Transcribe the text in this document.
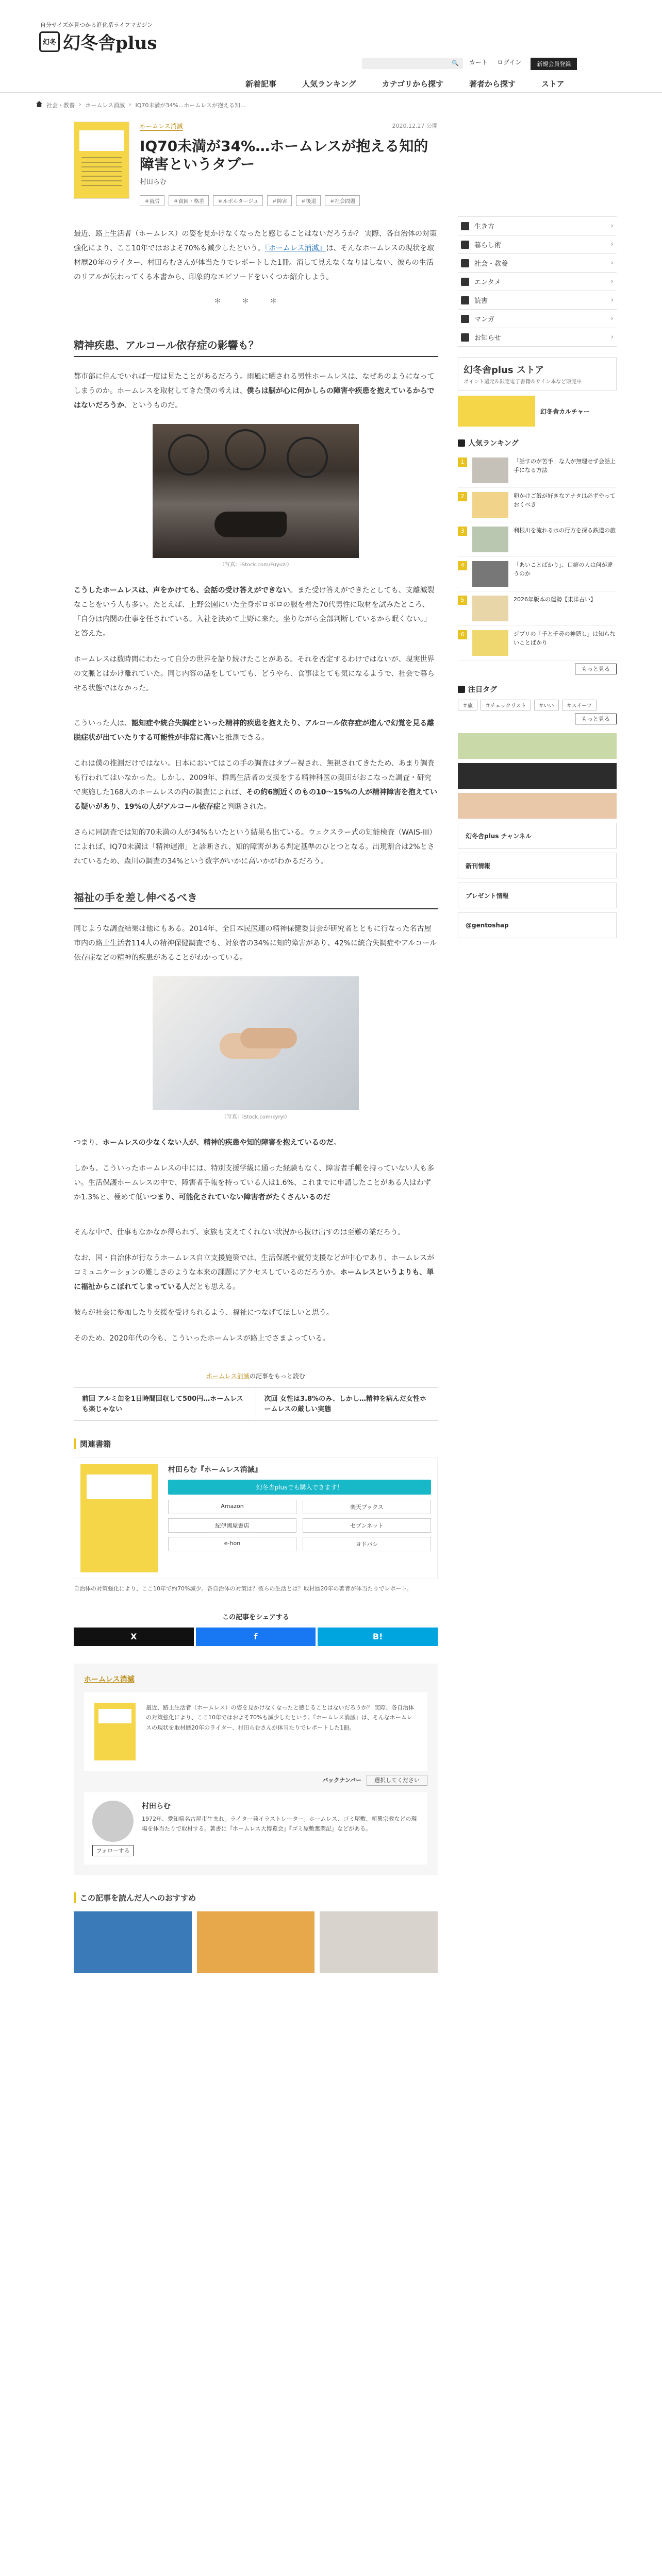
自分サイズが見つかる進化系ライフマガジン
幻冬 幻冬舎plus
🔍 カート ログイン	新規会員登録
新着記事	人気ランキング	カテゴリから探す	著者から探す	ストア
社会・教養 › ホームレス消滅 › IQ70未満が34%...ホームレスが抱える知...
ホームレス消滅
IQ70未満が34%…ホームレスが抱える知的障害というタブー
村田らむ
＃就労	＃貧困・格差	＃ルポルタージュ	＃障害	＃後退	＃社会問題
2020.12.27 公開

最近、路上生活者（ホームレス）の姿を見かけなくなったと感じることはないだろうか？ 実際、各自治体の対策強化により、ここ10年ではおよそ70%も減少したという。『ホームレス消滅』は、そんなホームレスの現状を取材歴20年のライター、村田らむさんが体当たりでレポートした1冊。消して見えなくなりはしない、彼らの生活のリアルが伝わってくる本書から、印象的なエピソードをいくつか紹介しよう。

＊＊＊
精神疾患、アルコール依存症の影響も？

都市部に住んでいれば一度は見たことがあるだろう。雨風に晒される男性ホームレスは、なぜあのようになってしまうのか。ホームレスを取材してきた僕の考えは、僕らは脳が心に何かしらの障害や疾患を抱えているからではないだろうか、というものだ。

（写真：iStock.com/Fuyuzi）

こうしたホームレスは、声をかけても、会話の受け答えができない。また受け答えができたとしても、支離滅裂なことをいう人も多い。たとえば、上野公園にいた全身ボロボロの服を着た70代男性に取材を試みたところ、「自分は内閣の仕事を任されている。入社を決めて上野に来た。坐りながら全部判断しているから眠くない。」と答えた。

ホームレスは数時間にわたって自分の世界を語り続けたことがある。それを否定するわけではないが、現実世界の文脈とはかけ離れていた。同じ内容の話をしていても、どうやら、食事はとても気になるようで、社会で暮らせる状態ではなかった。

こういった人は、認知症や統合失調症といった精神的疾患を抱えたり、アルコール依存症が進んで幻覚を見る離脱症状が出ていたりする可能性が非常に高いと推測できる。

これは僕の推測だけではない。日本においてはこの手の調査はタブー視され、無視されてきたため、あまり調査も行われてはいなかった。しかし、2009年、群馬生活者の支援をする精神科医の奥田がおこなった調査・研究で実施した168人のホームレスの内の調査によれば、その約6割近くのもの10〜15%の人が精神障害を抱えている疑いがあり、19%の人がアルコール依存症と判断された。

さらに同調査では知的70未満の人が34%もいたという結果も出ている。ウェクスラー式の知能検査（WAIS-III）によれば、IQ70未満は「精神遅滞」と診断され、知的障害がある判定基準のひとつとなる。出現割合は2%とされているため、森川の調査の34%という数字がいかに高いかがわかるだろう。

福祉の手を差し伸べるべき

同じような調査結果は他にもある。2014年、全日本民医連の精神保健委員会が研究者とともに行なった名古屋市内の路上生活者114人の精神保健調査でも、対象者の34%に知的障害があり、42%に統合失調症やアルコール依存症などの精神的疾患があることがわかっている。

（写真：iStock.com/kyryl）

つまり、ホームレスの少なくない人が、精神的疾患や知的障害を抱えているのだ。

しかも、こういったホームレスの中には、特別支援学級に通った経験もなく、障害者手帳を持っていない人も多い。生活保護ホームレスの中で、障害者手帳を持っている人は1.6%、これまでに申請したことがある人はわずか1.3%と、極めて低いつまり、可能化されていない障害者がたくさんいるのだ

そんな中で、仕事もなかなか得られず、家族も支えてくれない状況から抜け出すのは至難の業だろう。

なお、国・自治体が行なうホームレス自立支援施策では、生活保護や就労支援などが中心であり、ホームレスがコミュニケーションの難しさのような本来の課題にアクセスしているのだろうか。ホームレスというよりも、単に福祉からこぼれてしまっている人だとも思える。

彼らが社会に参加したり支援を受けられるよう、福祉につなげてほしいと思う。

そのため、2020年代の今も、こういったホームレスが路上でさまよっている。

ホームレス消滅の記事をもっと読む
前回 アルミ缶を1日時間回収して500円…ホームレスも楽じゃない
次回 女性は3.8%のみ、しかし…精神を病んだ女性ホームレスの厳しい実態
関連書籍
村田らむ『ホームレス消滅』
幻冬舎plusでも購入できます！
Amazon	楽天ブックス
紀伊國屋書店	セブンネット
e-hon	ヨドバシ
自治体の対策強化により、ここ10年で約70%減少。各自治体の対策は？彼らの生活とは？取材歴20年の著者が体当たりでレポート。
この記事をシェアする
X	f	B!
ホームレス消滅

最近、路上生活者（ホームレス）の姿を見かけなくなったと感じることはないだろうか？ 実際、各自治体の対策強化により、ここ10年ではおよそ70%も減少したという。『ホームレス消滅』は、そんなホームレスの現状を取材歴20年のライター、村田らむさんが体当たりでレポートした1冊。

バックナンバー 選択してください
フォローする
村田らむ

1972年、愛知県名古屋市生まれ。ライター兼イラストレーター。ホームレス、ゴミ屋敷、新興宗教などの現場を体当たりで取材する。著書に『ホームレス大博覧会』『ゴミ屋敷奮闘記』などがある。

この記事を読んだ人へのおすすめ
生き方	›
暮らし術	›
社会・教養	›
エンタメ	›
読書	›
マンガ	›
お知らせ	›
幻冬舎plus ストア
ポイント還元＆限定電子書籍＆サイン本など販売中
幻冬舎カルチャー
人気ランキング
1	「話すのが苦手」な人が無理せず会話上手になる方法
2	卵かけご飯が好きなアナタは必ずやっておくべき
3	利根川を流れる水の行方を探る鉄道の旅
4	「あいことばかり」、口癖の人は何が違うのか
5	2026年版本の運勢【東洋占い】
6	ジブリの「千と千尋の神隠し」は知らないことばかり
もっと見る
注目タグ
＃旅	＃チェックリスト	＃いい	＃スイーツ
もっと見る
幻冬舎plus チャンネル
新刊情報
プレゼント情報
@gentoshap
